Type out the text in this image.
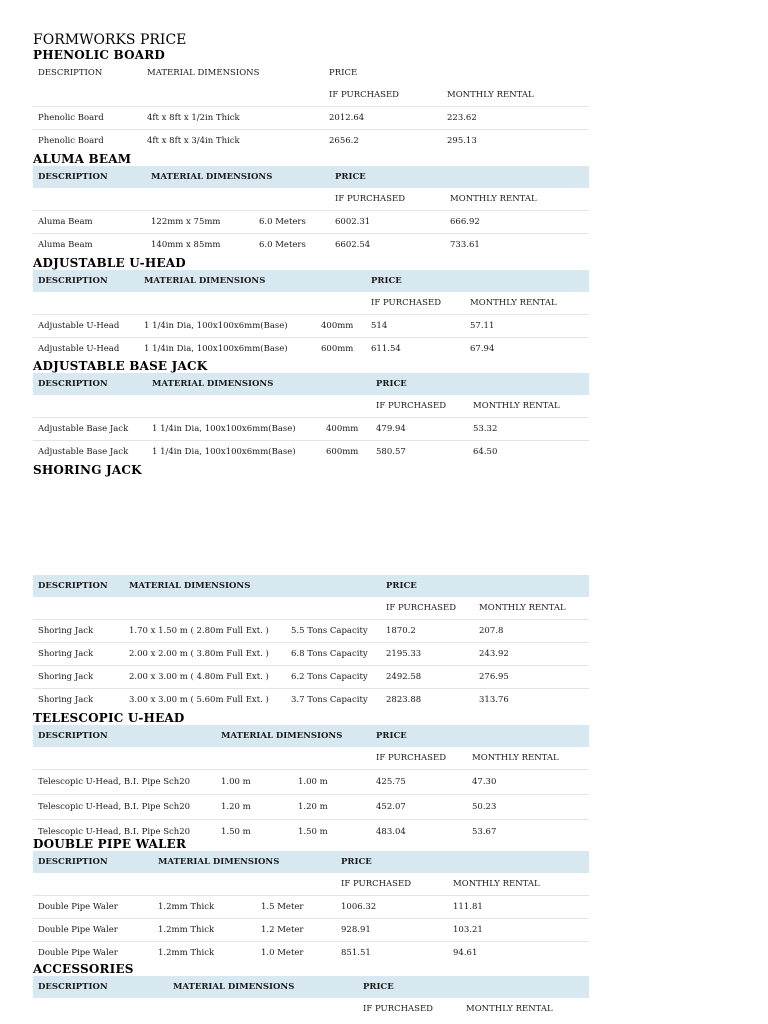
FORMWORKS PRICE
PHENOLIC BOARD
DESCRIPTION	MATERIAL DIMENSIONS	PRICE	
		IF PURCHASED	MONTHLY RENTAL
Phenolic Board	4ft x 8ft x 1/2in Thick	2012.64	223.62
Phenolic Board	4ft x 8ft x 3/4in Thick	2656.2	295.13
ALUMA BEAM
DESCRIPTION	MATERIAL DIMENSIONS		PRICE	
			IF PURCHASED	MONTHLY RENTAL
Aluma Beam	122mm x 75mm	6.0 Meters	6002.31	666.92
Aluma Beam	140mm x 85mm	6.0 Meters	6602.54	733.61
ADJUSTABLE U-HEAD
DESCRIPTION	MATERIAL DIMENSIONS		PRICE	
			IF PURCHASED	MONTHLY RENTAL
Adjustable U-Head	1 1/4in Dia, 100x100x6mm(Base)	400mm	514	57.11
Adjustable U-Head	1 1/4in Dia, 100x100x6mm(Base)	600mm	611.54	67.94
ADJUSTABLE BASE JACK
DESCRIPTION	MATERIAL DIMENSIONS		PRICE	
			IF PURCHASED	MONTHLY RENTAL
Adjustable Base Jack	1 1/4in Dia, 100x100x6mm(Base)	400mm	479.94	53.32
Adjustable Base Jack	1 1/4in Dia, 100x100x6mm(Base)	600mm	580.57	64.50
SHORING JACK
DESCRIPTION	MATERIAL DIMENSIONS		PRICE	
			IF PURCHASED	MONTHLY RENTAL
Shoring Jack	1.70 x 1.50 m ( 2.80m Full Ext. )	5.5 Tons Capacity	1870.2	207.8
Shoring Jack	2.00 x 2.00 m ( 3.80m Full Ext. )	6.8 Tons Capacity	2195.33	243.92
Shoring Jack	2.00 x 3.00 m ( 4.80m Full Ext. )	6.2 Tons Capacity	2492.58	276.95
Shoring Jack	3.00 x 3.00 m ( 5.60m Full Ext. )	3.7 Tons Capacity	2823.88	313.76
TELESCOPIC U-HEAD
DESCRIPTION	MATERIAL DIMENSIONS		PRICE	
			IF PURCHASED	MONTHLY RENTAL
Telescopic U-Head, B.I. Pipe Sch20	1.00 m	1.00 m	425.75	47.30
Telescopic U-Head, B.I. Pipe Sch20	1.20 m	1.20 m	452.07	50.23
Telescopic U-Head, B.I. Pipe Sch20	1.50 m	1.50 m	483.04	53.67
DOUBLE PIPE WALER
DESCRIPTION	MATERIAL DIMENSIONS		PRICE	
			IF PURCHASED	MONTHLY RENTAL
Double Pipe Waler	1.2mm Thick	1.5 Meter	1006.32	111.81
Double Pipe Waler	1.2mm Thick	1.2 Meter	928.91	103.21
Double Pipe Waler	1.2mm Thick	1.0 Meter	851.51	94.61
ACCESSORIES
DESCRIPTION	MATERIAL DIMENSIONS	PRICE	
		IF PURCHASED	MONTHLY RENTAL
